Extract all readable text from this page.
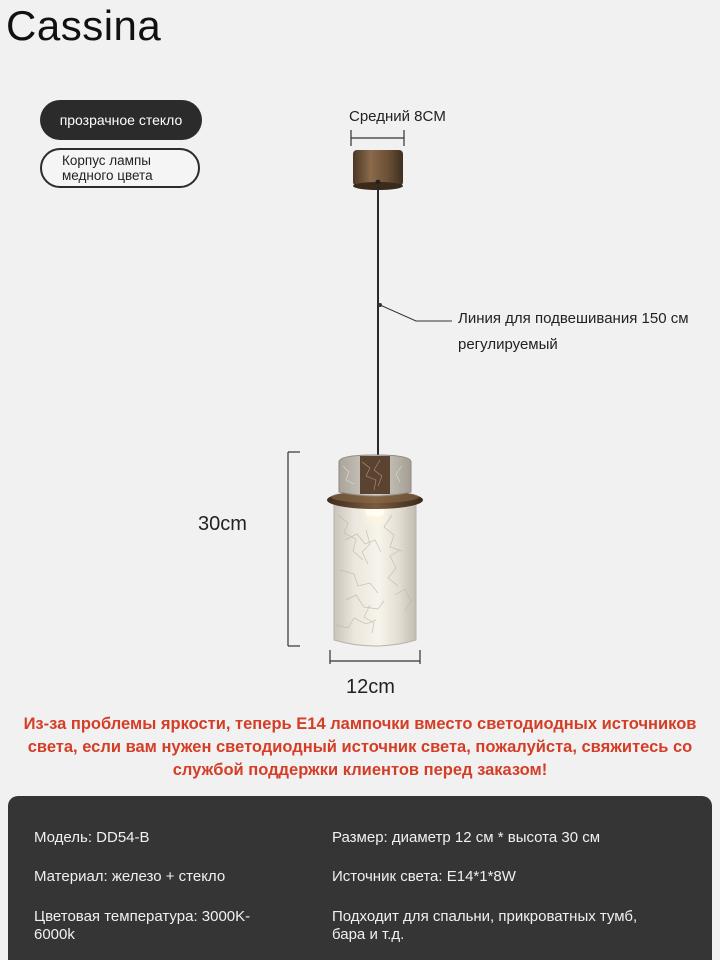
Cassina
прозрачное стекло
Корпус лампы медного цвета
Средний 8CM
Линия для подвешивания 150 см
регулируемый
30cm
12cm
Из-за проблемы яркости, теперь E14 лампочки вместо светодиодных источников света, если вам нужен светодиодный источник света, пожалуйста, свяжитесь со службой поддержки клиентов перед заказом!
Модель: DD54-B	Размер: диаметр 12 см * высота 30 см
Материал: железо + стекло	Источник света: E14*1*8W
Цветовая температура: 3000K-6000k
Подходит для спальни, прикроватных тумб, бара и т.д.
